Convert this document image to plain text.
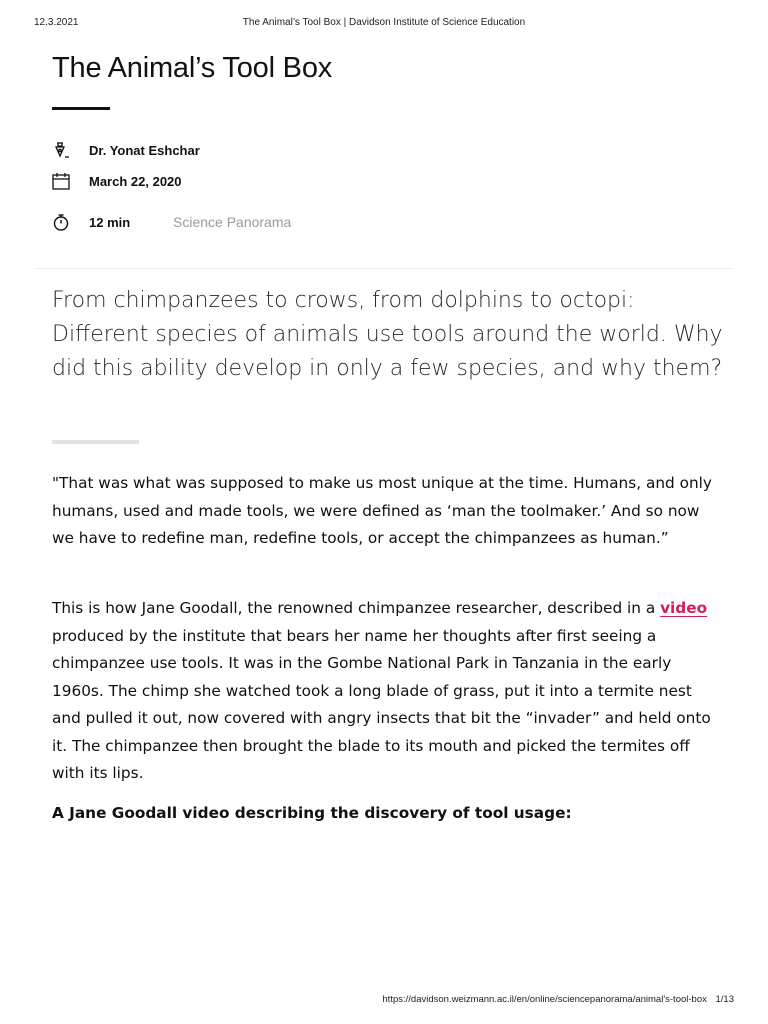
12.3.2021	The Animal’s Tool Box | Davidson Institute of Science Education
The Animal’s Tool Box
Dr. Yonat Eshchar
March 22, 2020
12 min	Science Panorama

From chimpanzees to crows, from dolphins to octopi: Different species of animals use tools around the world. Why did this ability develop in only a few species, and why them?

"That was what was supposed to make us most unique at the time. Humans, and only humans, used and made tools, we were defined as ‘man the toolmaker.’ And so now we have to redefine man, redefine tools, or accept the chimpanzees as human.”

This is how Jane Goodall, the renowned chimpanzee researcher, described in a video produced by the institute that bears her name her thoughts after first seeing a chimpanzee use tools. It was in the Gombe National Park in Tanzania in the early 1960s. The chimp she watched took a long blade of grass, put it into a termite nest and pulled it out, now covered with angry insects that bit the “invader” and held onto it. The chimpanzee then brought the blade to its mouth and picked the termites off with its lips.

A Jane Goodall video describing the discovery of tool usage:

https://davidson.weizmann.ac.il/en/online/sciencepanorama/animal's-tool-box 1/13
